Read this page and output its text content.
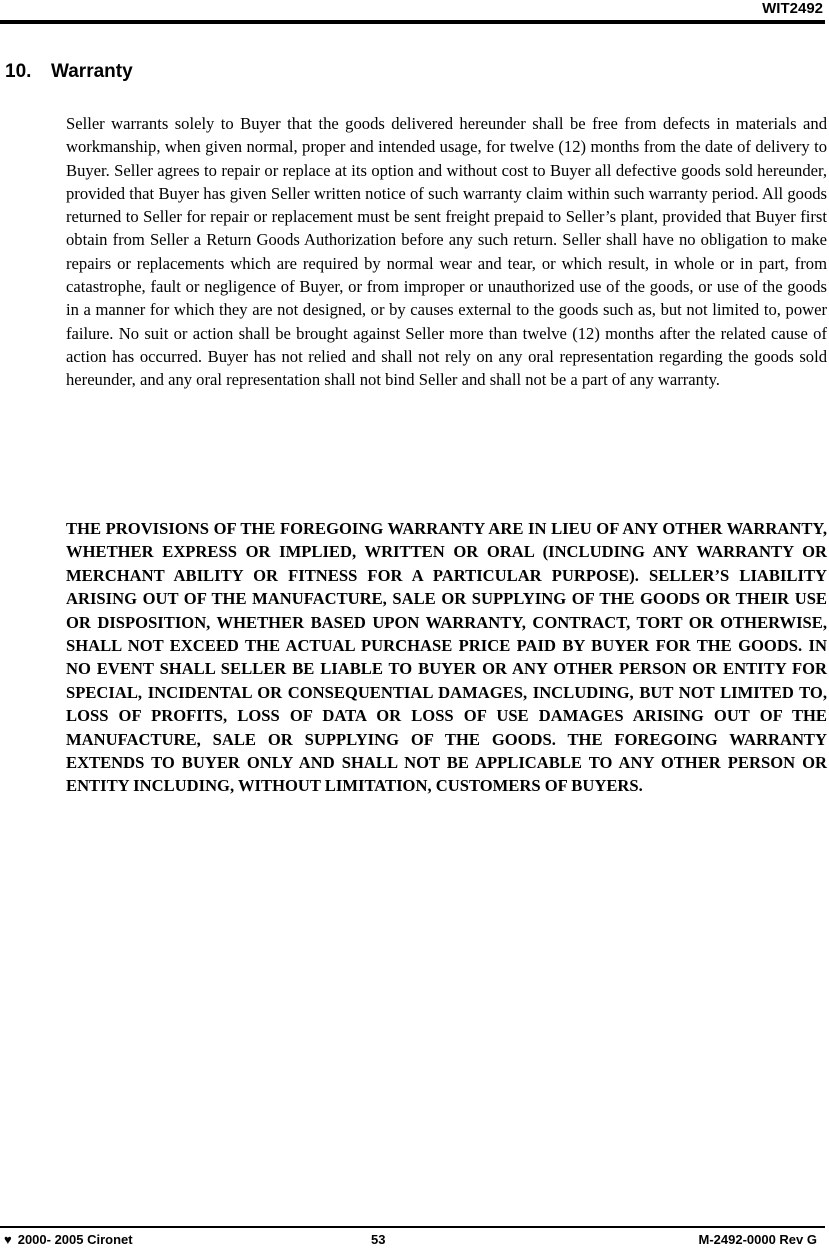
WIT2492
10. Warranty

Seller warrants solely to Buyer that the goods delivered hereunder shall be free from defects in materials and workmanship, when given normal, proper and intended usage, for twelve (12) months from the date of delivery to Buyer. Seller agrees to repair or replace at its option and without cost to Buyer all defective goods sold hereunder, provided that Buyer has given Seller written notice of such warranty claim within such warranty period. All goods returned to Seller for repair or replacement must be sent freight prepaid to Seller’s plant, provided that Buyer first obtain from Seller a Return Goods Authorization before any such return. Seller shall have no obligation to make repairs or replacements which are required by normal wear and tear, or which result, in whole or in part, from catastrophe, fault or negligence of Buyer, or from improper or unauthorized use of the goods, or use of the goods in a manner for which they are not designed, or by causes external to the goods such as, but not limited to, power failure. No suit or action shall be brought against Seller more than twelve (12) months after the related cause of action has occurred. Buyer has not relied and shall not rely on any oral representation regarding the goods sold hereunder, and any oral representation shall not bind Seller and shall not be a part of any warranty.

THE PROVISIONS OF THE FOREGOING WARRANTY ARE IN LIEU OF ANY OTHER WARRANTY, WHETHER EXPRESS OR IMPLIED, WRITTEN OR ORAL (INCLUDING ANY WARRANTY OR MERCHANT ABILITY OR FITNESS FOR A PARTICULAR PURPOSE). SELLER’S LIABILITY ARISING OUT OF THE MANUFACTURE, SALE OR SUPPLYING OF THE GOODS OR THEIR USE OR DISPOSITION, WHETHER BASED UPON WARRANTY, CONTRACT, TORT OR OTHERWISE, SHALL NOT EXCEED THE ACTUAL PURCHASE PRICE PAID BY BUYER FOR THE GOODS. IN NO EVENT SHALL SELLER BE LIABLE TO BUYER OR ANY OTHER PERSON OR ENTITY FOR SPECIAL, INCIDENTAL OR CONSEQUENTIAL DAMAGES, INCLUDING, BUT NOT LIMITED TO, LOSS OF PROFITS, LOSS OF DATA OR LOSS OF USE DAMAGES ARISING OUT OF THE MANUFACTURE, SALE OR SUPPLYING OF THE GOODS. THE FOREGOING WARRANTY EXTENDS TO BUYER ONLY AND SHALL NOT BE APPLICABLE TO ANY OTHER PERSON OR ENTITY INCLUDING, WITHOUT LIMITATION, CUSTOMERS OF BUYERS.

♥ 2000- 2005 Cironet	53	M-2492-0000 Rev G
